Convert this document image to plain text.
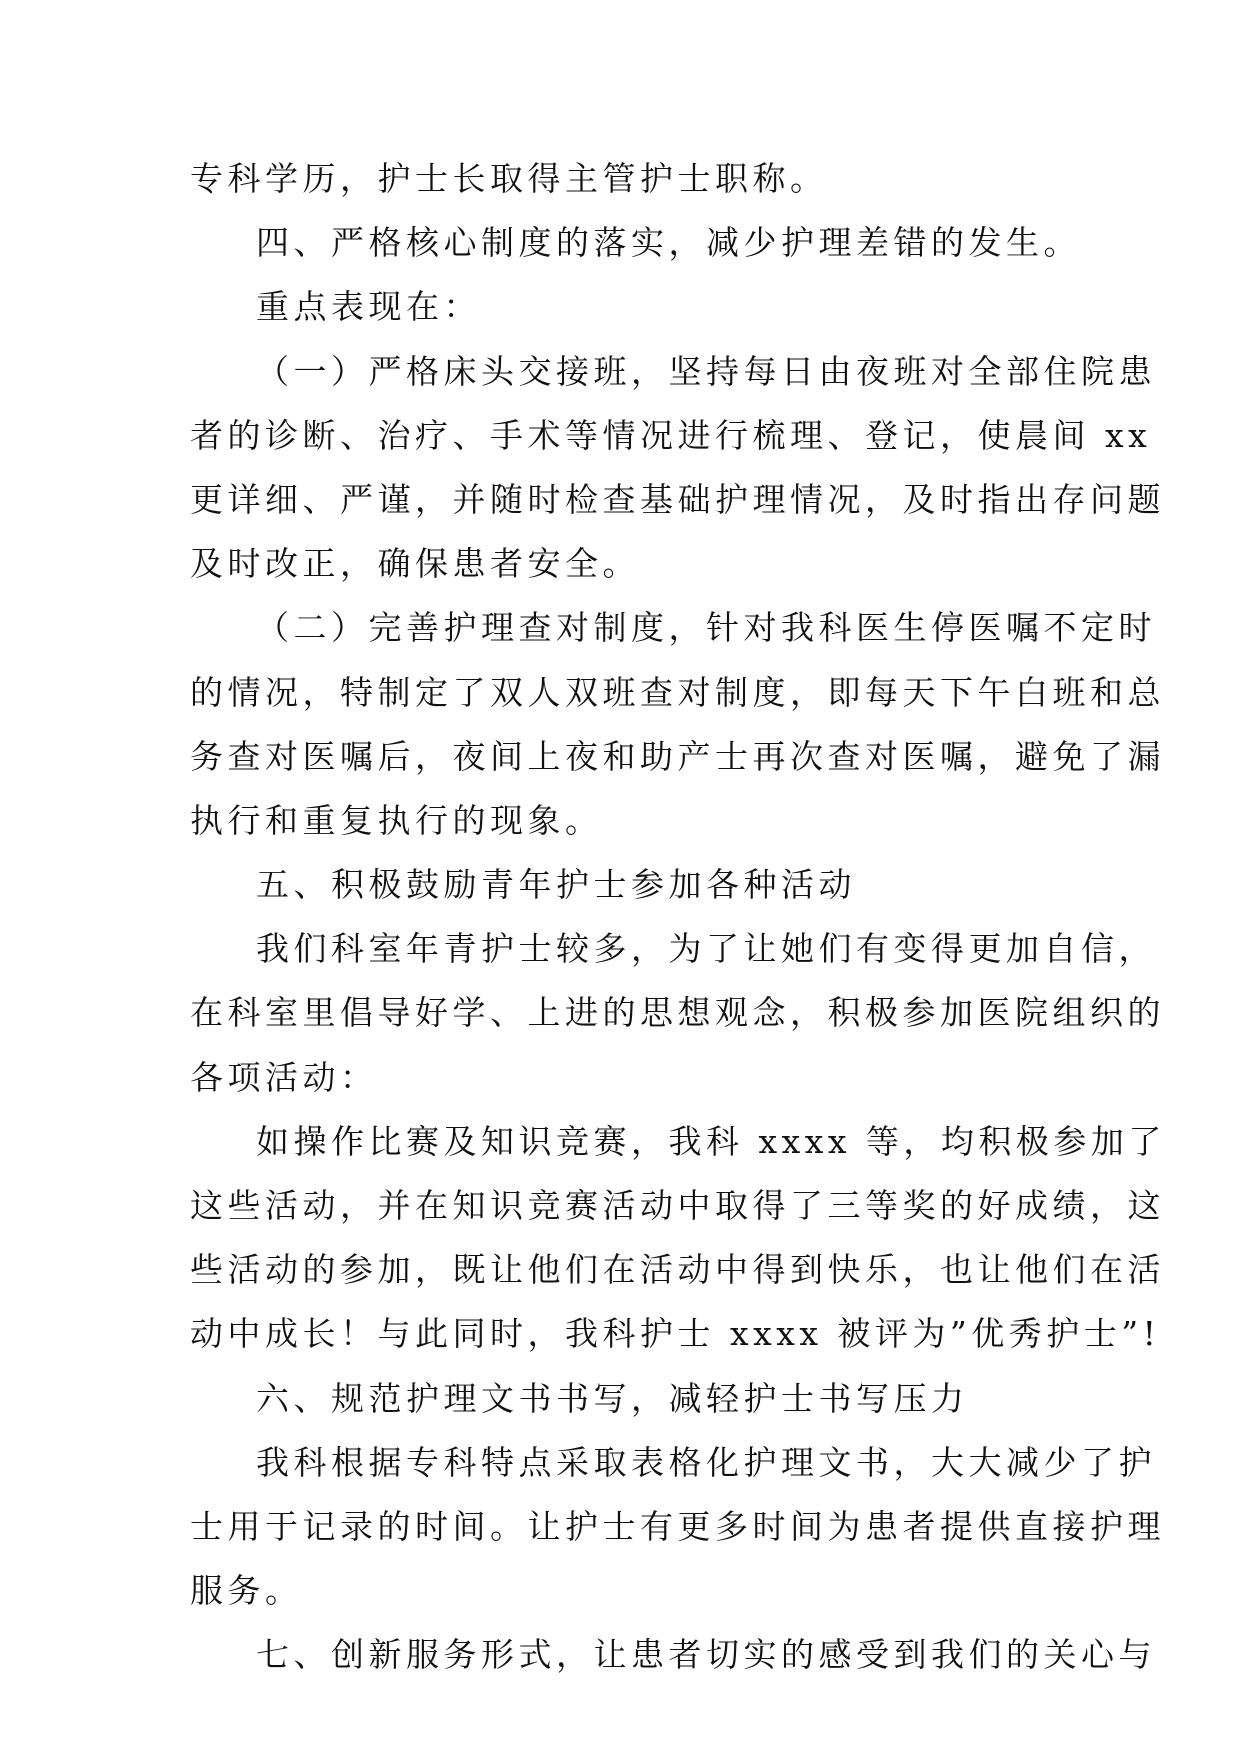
专科学历，护士长取得主管护士职称。
四、严格核心制度的落实，减少护理差错的发生。
重点表现在：
（一）严格床头交接班，坚持每日由夜班对全部住院患
者的诊断、治疗、手术等情况进行梳理、登记，使晨间 xx
更详细、严谨，并随时检查基础护理情况，及时指出存问题
及时改正，确保患者安全。
（二）完善护理查对制度，针对我科医生停医嘱不定时
的情况，特制定了双人双班查对制度，即每天下午白班和总
务查对医嘱后，夜间上夜和助产士再次查对医嘱，避免了漏
执行和重复执行的现象。
五、积极鼓励青年护士参加各种活动
我们科室年青护士较多，为了让她们有变得更加自信，
在科室里倡导好学、上进的思想观念，积极参加医院组织的
各项活动：
如操作比赛及知识竞赛，我科 xxxx 等，均积极参加了
这些活动，并在知识竞赛活动中取得了三等奖的好成绩，这
些活动的参加，既让他们在活动中得到快乐，也让他们在活
动中成长！与此同时，我科护士 xxxx 被评为”优秀护士”!
六、规范护理文书书写，减轻护士书写压力
我科根据专科特点采取表格化护理文书，大大减少了护
士用于记录的时间。让护士有更多时间为患者提供直接护理
服务。
七、创新服务形式，让患者切实的感受到我们的关心与
